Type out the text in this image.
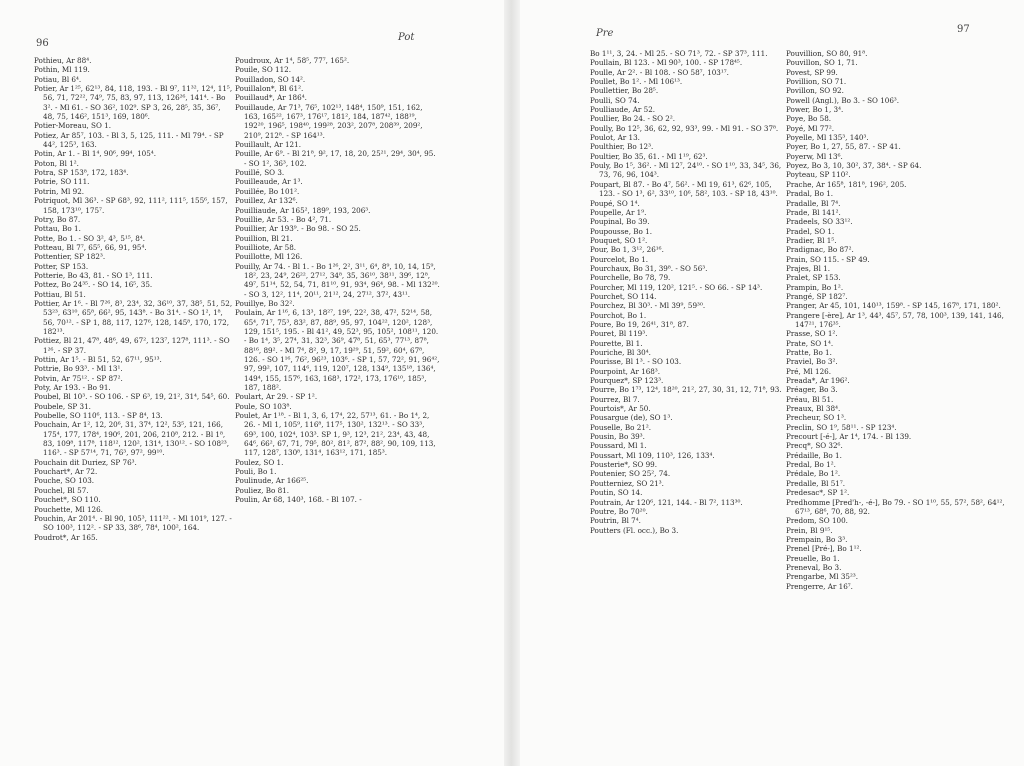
96
Pot
Pothieu, Ar 88⁴.
Pothin, Ml 119.
Potiau, Bl 6⁴.
Potier, Ar 1²⁵, 62¹³, 84, 118, 193. - Bl 9⁷, 11³², 12⁴, 11⁵, 56, 71, 72²², 74⁹, 75, 83, 97, 113, 126²⁶, 141⁴. - Bo 3². - Ml 61. - SO 36², 102⁹. SP 3, 26, 28⁵, 35, 36⁷, 48, 75, 146², 151³, 169, 180⁶.
Potier-Moreau, SO 1.
Potiez, Ar 85⁷, 103. - Bl 3, 5, 125, 111. - Ml 79⁴. - SP 44², 125³, 163.
Potin, Ar 1. - Bl 1⁴, 90⁶, 99⁴, 105⁴.
Poton, Bl 1².
Potra, SP 153⁸, 172, 183⁴.
Potrie, SO 111.
Potrin, Ml 92.
Potriquot, Ml 36³. - SP 68³, 92, 111², 111⁵, 155⁶, 157, 158, 173¹⁰, 175⁷.
Potry, Bo 87.
Pottau, Bo 1.
Potte, Bo 1. - SO 3², 4³, 5¹⁵, 8⁴.
Potteau, Bl 7⁷, 65⁵, 66, 91, 95⁴.
Pottentier, SP 182³.
Potter, SP 153.
Potterie, Bo 43, 81. - SO 1³, 111.
Pottez, Bo 24³⁵. - SO 14, 16⁵, 35.
Pottiau, Bl 51.
Pottier, Ar 1⁶. - Bl 7²⁶, 8³, 23⁴, 32, 36¹⁰, 37, 38⁵, 51, 52, 53²³, 63¹⁰, 65⁸, 66², 95, 143⁸. - Bo 31⁴. - SO 1², 1⁸, 56, 70¹². - SP 1, 88, 117, 127⁶, 128, 145⁸, 170, 172, 182¹³.
Pottiez, Bl 21, 47⁸, 48⁶, 49, 67², 123⁷, 127⁸, 111³. - SO 1²⁶. - SP 37.
Pottin, Ar 1⁵. - Bl 51, 52, 67¹¹, 95¹³.
Pottrie, Bo 93³. - Ml 13¹.
Potvin, Ar 75¹². - SP 87².
Poty, Ar 193. - Bo 91.
Poubel, Bl 10³. - SO 106. - SP 6³, 19, 21², 31⁴, 54⁵, 60.
Poubele, SP 31.
Poubelle, SO 110⁶, 113. - SP 8⁴, 13.
Pouchain, Ar 1², 12, 20⁶, 31, 37⁴, 12², 53⁵, 121, 166, 175⁴, 177, 178⁴, 190⁶, 201, 206, 210⁸, 212. - Bl 1⁸, 83, 109⁸, 117⁸, 118¹², 120², 131⁴, 130¹². - SO 108²³, 116³. - SP 57¹⁴, 71, 76³, 97², 99¹⁰.
Pouchain dit Duriez, SP 76³.
Pouchart*, Ar 72.
Pouche, SO 103.
Pouchel, Bl 57.
Pouchet*, SO 110.
Pouchette, Ml 126.
Pouchin, Ar 201⁴. - Bl 90, 105³, 111²². - Ml 101⁹, 127. - SO 100³, 112². - SP 33, 38⁶, 78⁴, 100², 164.
Poudrot*, Ar 165.
Poudroux, Ar 1⁴, 58⁵, 77⁷, 165².
Pouile, SO 112.
Pouilladon, SO 14².
Pouillalon*, Bl 61².
Pouillaud*, Ar 186⁴.
Pouillaude, Ar 71³, 76⁵, 102¹³, 148⁴, 150⁹, 151, 162, 163, 165²², 167³, 176¹⁷, 181², 184, 187⁴², 188¹⁹, 192²⁰, 196⁵, 198⁴⁰, 199²⁸, 203², 207⁸, 208³⁹, 209², 210⁹, 212⁸. - SP 164¹³.
Pouillault, Ar 121.
Pouille, Ar 6⁹. - Bl 21⁸, 9², 17, 18, 20, 25²¹, 29⁴, 30⁴, 95. - SO 1², 36³, 102.
Pouillé, SO 3.
Pouilleaude, Ar 1³.
Pouillée, Bo 101².
Pouillez, Ar 132⁶.
Pouilliaude, Ar 165², 189⁹, 193, 206³.
Pouillie, Ar 53. - Bo 4², 71.
Pouillier, Ar 193⁹. - Bo 98. - SO 25.
Pouillion, Bl 21.
Pouilliote, Ar 58.
Pouillotte, Ml 126.
Pouilly, Ar 74. - Bl 1. - Bo 1²⁶, 2², 3¹¹, 6⁴, 8⁹, 10, 14, 15⁹, 18², 23, 24⁹, 26²², 27¹², 34⁸, 35, 36¹⁰, 38¹¹, 39⁶, 12⁸, 49⁷, 51¹⁴, 52, 54, 71, 81¹⁰, 91, 93⁴, 96⁴, 98. - Ml 132²⁰. - SO 3, 12², 11⁴, 20¹¹, 21¹², 24, 27¹², 37², 43¹¹.
Pouillye, Bo 32².
Poulain, Ar 1¹⁶, 6, 13³, 18²⁷, 19⁶, 22², 38, 47², 52¹⁴, 58, 65⁴, 71⁷, 75³, 83², 87, 88⁹, 95, 97, 104²², 120², 128³, 129, 151⁵, 195. - Bl 41², 49, 52³, 95, 105², 108¹¹, 120. - Bo 1⁴, 3⁵, 27⁴, 31, 32³, 36⁹, 47⁸, 51, 65³, 77¹³, 87⁸, 88¹⁶, 89². - Ml 7⁴, 8², 9, 17, 19²⁹, 51, 59², 60⁴, 67⁸, 126. - SO 1¹⁶, 76², 96²³, 103⁶. - SP 1, 57, 72², 91, 96⁴², 97, 99², 107, 114⁶, 119, 120⁷, 128, 134⁹, 135¹⁸, 136⁴, 149⁴, 155, 157⁶, 163, 168³, 172², 173, 176¹⁰, 185³, 187, 188².
Poulart, Ar 29. - SP 1².
Poule, SO 103⁸.
Poulet, Ar 1¹⁸. - Bl 1, 3, 6, 17⁴, 22, 57¹³, 61. - Bo 1⁴, 2, 26. - Ml 1, 105⁹, 116⁸, 117⁵, 130², 132¹³. - SO 33³, 69³, 100, 102⁴, 103³. SP 1, 9³, 12³, 21², 23⁴, 43, 48, 64⁶, 66², 67, 71, 79⁵, 80², 81², 87², 88², 90, 109, 113, 117, 128⁷, 130⁸, 131⁴, 163¹², 171, 185³.
Poulez, SO 1.
Pouli, Bo 1.
Poulinude, Ar 166²⁵.
Pouliez, Bo 81.
Poulin, Ar 68, 140³, 168. - Bl 107. -
Pre	97
Bo 1¹¹, 3, 24. - Ml 25. - SO 71³, 72. - SP 37³, 111.
Poullain, Bl 123. - Ml 90³, 100. - SP 178⁴⁵.
Poulle, Ar 2². - Bl 108. - SO 58⁷, 103¹⁷.
Poullet, Bo 1². - Ml 106¹³.
Poullettier, Bo 28⁵.
Poulli, SO 74.
Poulliaude, Ar 52.
Poullier, Bo 24. - SO 2².
Poully, Bo 12⁵, 36, 62, 92, 93³, 99. - Ml 91. - SO 37⁸.
Poulot, Ar 13.
Poulthier, Bo 12³.
Poultier, Bo 35, 61. - Ml 1¹⁹, 62³.
Pouly, Bo 1⁵, 36². - Ml 12⁷, 24¹⁰. - SO 1¹⁰, 33, 34⁵, 36, 73, 76, 96, 104³.
Poupart, Bl 87. - Bo 4⁷, 56². - Ml 19, 61³, 62⁶, 105, 123. - SO 1³, 6², 33¹⁰, 10⁶, 58², 103. - SP 18, 43¹⁰.
Poupé, SO 1⁴.
Poupelle, Ar 1⁹.
Poupinal, Bo 39.
Poupousse, Bo 1.
Pouquet, SO 1².
Pour, Bo 1, 3¹², 26¹⁶.
Pourcelot, Bo 1.
Pourchaux, Bo 31, 39⁸. - SO 56³.
Pourchelle, Bo 78, 79.
Pourcher, Ml 119, 120², 121⁵. - SO 66. - SP 14³.
Pourchet, SO 114.
Pourchez, Bl 30³. - Ml 39⁹, 59³⁰.
Pourchot, Bo 1.
Poure, Bo 19, 26⁴¹, 31⁸, 87.
Pouret, Bl 119³.
Pourette, Bl 1.
Pouriche, Bl 30⁴.
Pourisse, Bl 1³. - SO 103.
Pourpoint, Ar 168³.
Pourquez*, SP 123³.
Pourre, Bo 1⁷³, 12⁴, 18²⁰, 21², 27, 30, 31, 12, 71⁸, 93.
Pourrez, Bl 7.
Pourtois*, Ar 50.
Pousargue (de), SO 1³.
Pouselle, Bo 21².
Pousin, Bo 39³.
Poussard, Ml 1.
Poussart, Ml 109, 110³, 126, 133⁴.
Pousterie*, SO 99.
Poutenier, SO 25², 74.
Poutterniez, SO 21³.
Poutin, SO 14.
Poutrain, Ar 120⁶, 121, 144. - Bl 7², 113³⁰.
Poutre, Bo 70²⁰.
Poutrin, Bl 7⁴.
Poutters (Fl. occ.), Bo 3.
Pouvillion, SO 80, 91⁸.
Pouvillon, SO 1, 71.
Povest, SP 99.
Povillion, SO 71.
Povillon, SO 92.
Powell (Angl.), Bo 3. - SO 106³.
Power, Bo 1, 3⁴.
Poye, Bo 58.
Poyé, Ml 77².
Poyelle, Ml 135³, 140³.
Poyer, Bo 1, 27, 55, 87. - SP 41.
Poyerw, Ml 13⁶.
Poyez, Bo 3, 10, 30², 37, 38⁴. - SP 64.
Poyteau, SP 110².
Prache, Ar 165⁸, 181⁸, 196², 205.
Pradal, Bo 1.
Pradalle, Bl 7⁴.
Prade, Bl 141².
Pradeels, SO 33¹².
Pradel, SO 1.
Pradier, Bl 1⁵.
Pradignac, Bo 87².
Prain, SO 115. - SP 49.
Prajes, Bl 1.
Pralet, SP 153.
Prampin, Bo 1².
Prangé, SP 182⁷.
Pranger, Ar 45, 101, 140¹³, 159⁸. - SP 145, 167⁸, 171, 180².
Prangere [-ère], Ar 1³, 44³, 45⁷, 57, 78, 100³, 139, 141, 146, 147²¹, 176³⁵.
Prasse, SO 1².
Prate, SO 1⁴.
Pratte, Bo 1.
Praviel, Bo 3².
Pré, Ml 126.
Preada*, Ar 196².
Préager, Bo 3.
Préau, Bl 51.
Preaux, Bl 38⁴.
Precheur, SO 1³.
Preclin, SO 1⁹, 58¹¹. - SP 123⁴.
Precourt [-é-], Ar 1⁴, 174. - Bl 139.
Precq*, SO 32⁶.
Prédaille, Bo 1.
Predal, Bo 1².
Prédale, Bo 1².
Predalle, Bl 51⁷.
Predesac*, SP 1².
Predhomme [Pred'h-, -é-], Bo 79. - SO 1¹⁰, 55, 57², 58², 64¹², 67¹³, 68⁶, 70, 88, 92.
Predom, SO 100.
Prein, Bl 9¹⁵.
Prempain, Bo 3³.
Prenel [Pré-], Bo 1¹².
Preuelle, Bo 1.
Preneval, Bo 3.
Prengarbe, Ml 35²³.
Prengerre, Ar 16⁷.
